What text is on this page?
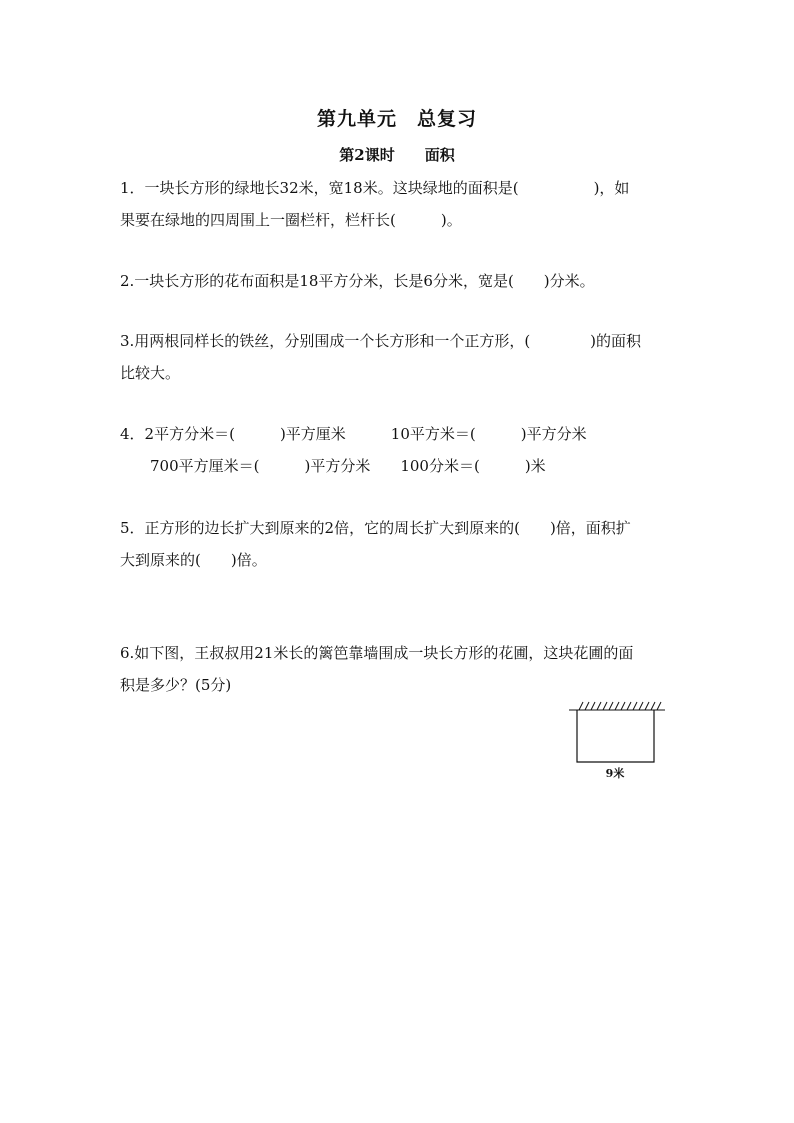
第九单元　总复习
第2课时　　面积
1．一块长方形的绿地长32米，宽18米。这块绿地的面积是(　　　　　)，如
果要在绿地的四周围上一圈栏杆，栏杆长(　　　)。
2.一块长方形的花布面积是18平方分米，长是6分米，宽是(　　)分米。
3.用两根同样长的铁丝，分别围成一个长方形和一个正方形，(　　　　)的面积
比较大。
4．2平方分米＝(　　　)平方厘米　　　10平方米＝(　　　)平方分米
　　700平方厘米＝(　　　)平方分米　　100分米＝(　　　)米
5．正方形的边长扩大到原来的2倍，它的周长扩大到原来的(　　)倍，面积扩
大到原来的(　　)倍。
6.如下图，王叔叔用21米长的篱笆靠墙围成一块长方形的花圃，这块花圃的面
积是多少？(5分)
9米
